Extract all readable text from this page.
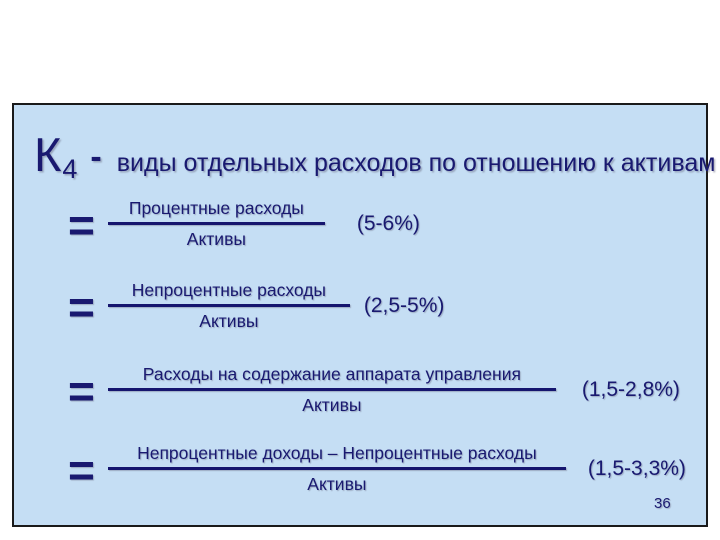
К 4 - виды отдельных расходов по отношению к активам
= $\frac{\text{Процентные расходы}}{\text{Активы}} (5-6\%)$
= $\frac{\text{Непроцентные расходы}}{\text{Активы}} (2,5-5\%)$
= $\frac{\text{Расходы на содержание аппарата управления}}{\text{Активы}} (1,5-2,8\%)$
= $\frac{\text{Непроцентные доходы – Непроцентные расходы}}{\text{Активы}} (1,5-3,3\%)$
36
